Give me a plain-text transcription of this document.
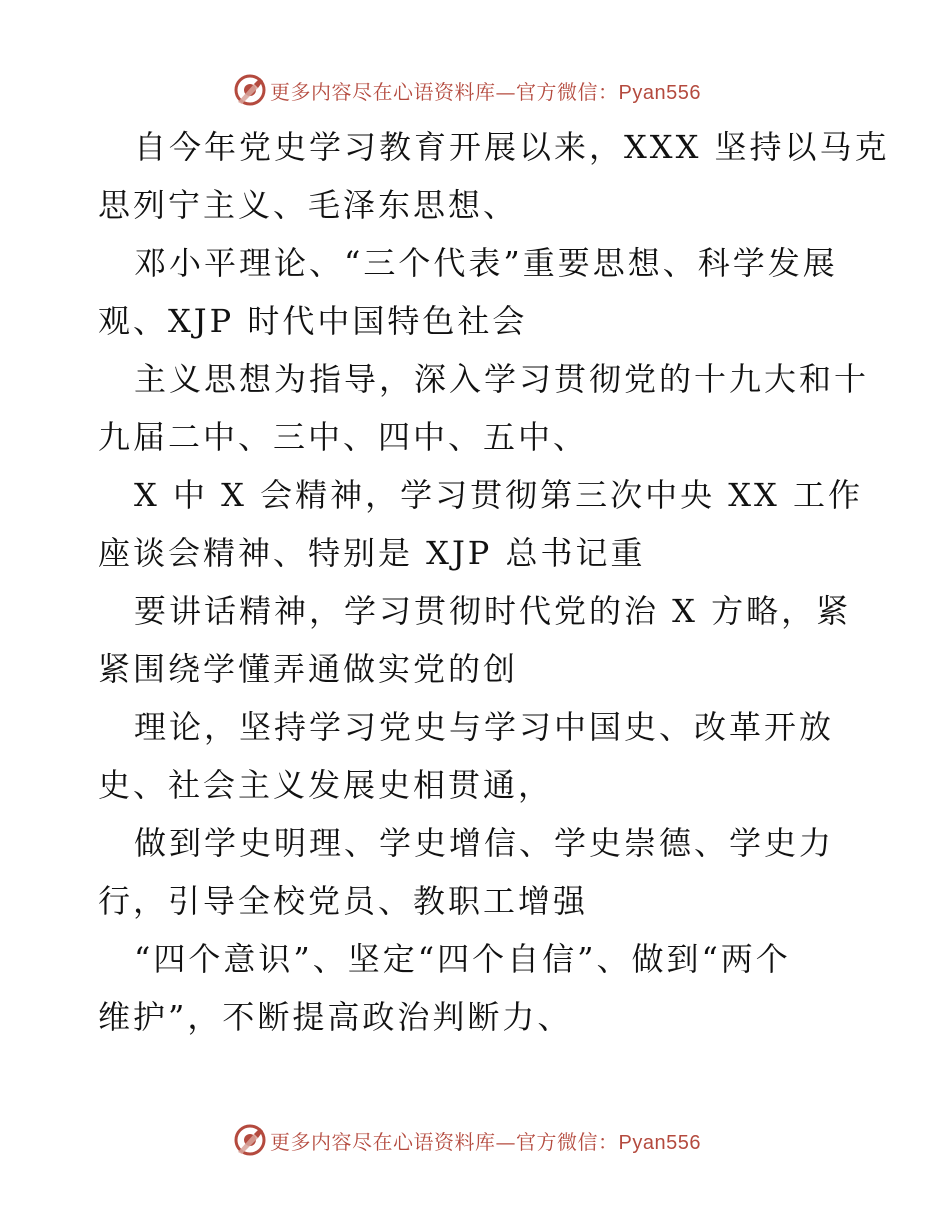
更多内容尽在心语资料库—官方微信：Pyan556
自今年党史学习教育开展以来，XXX 坚持以马克
思列宁主义、毛泽东思想、
邓小平理论、“三个代表”重要思想、科学发展
观、XJP 时代中国特色社会
主义思想为指导，深入学习贯彻党的十九大和十
九届二中、三中、四中、五中、
X 中 X 会精神，学习贯彻第三次中央 XX 工作
座谈会精神、特别是 XJP 总书记重
要讲话精神，学习贯彻时代党的治 X 方略，紧
紧围绕学懂弄通做实党的创
理论，坚持学习党史与学习中国史、改革开放
史、社会主义发展史相贯通，
做到学史明理、学史增信、学史崇德、学史力
行，引导全校党员、教职工增强
“四个意识”、坚定“四个自信”、做到“两个
维护”，不断提高政治判断力、
更多内容尽在心语资料库—官方微信：Pyan556
